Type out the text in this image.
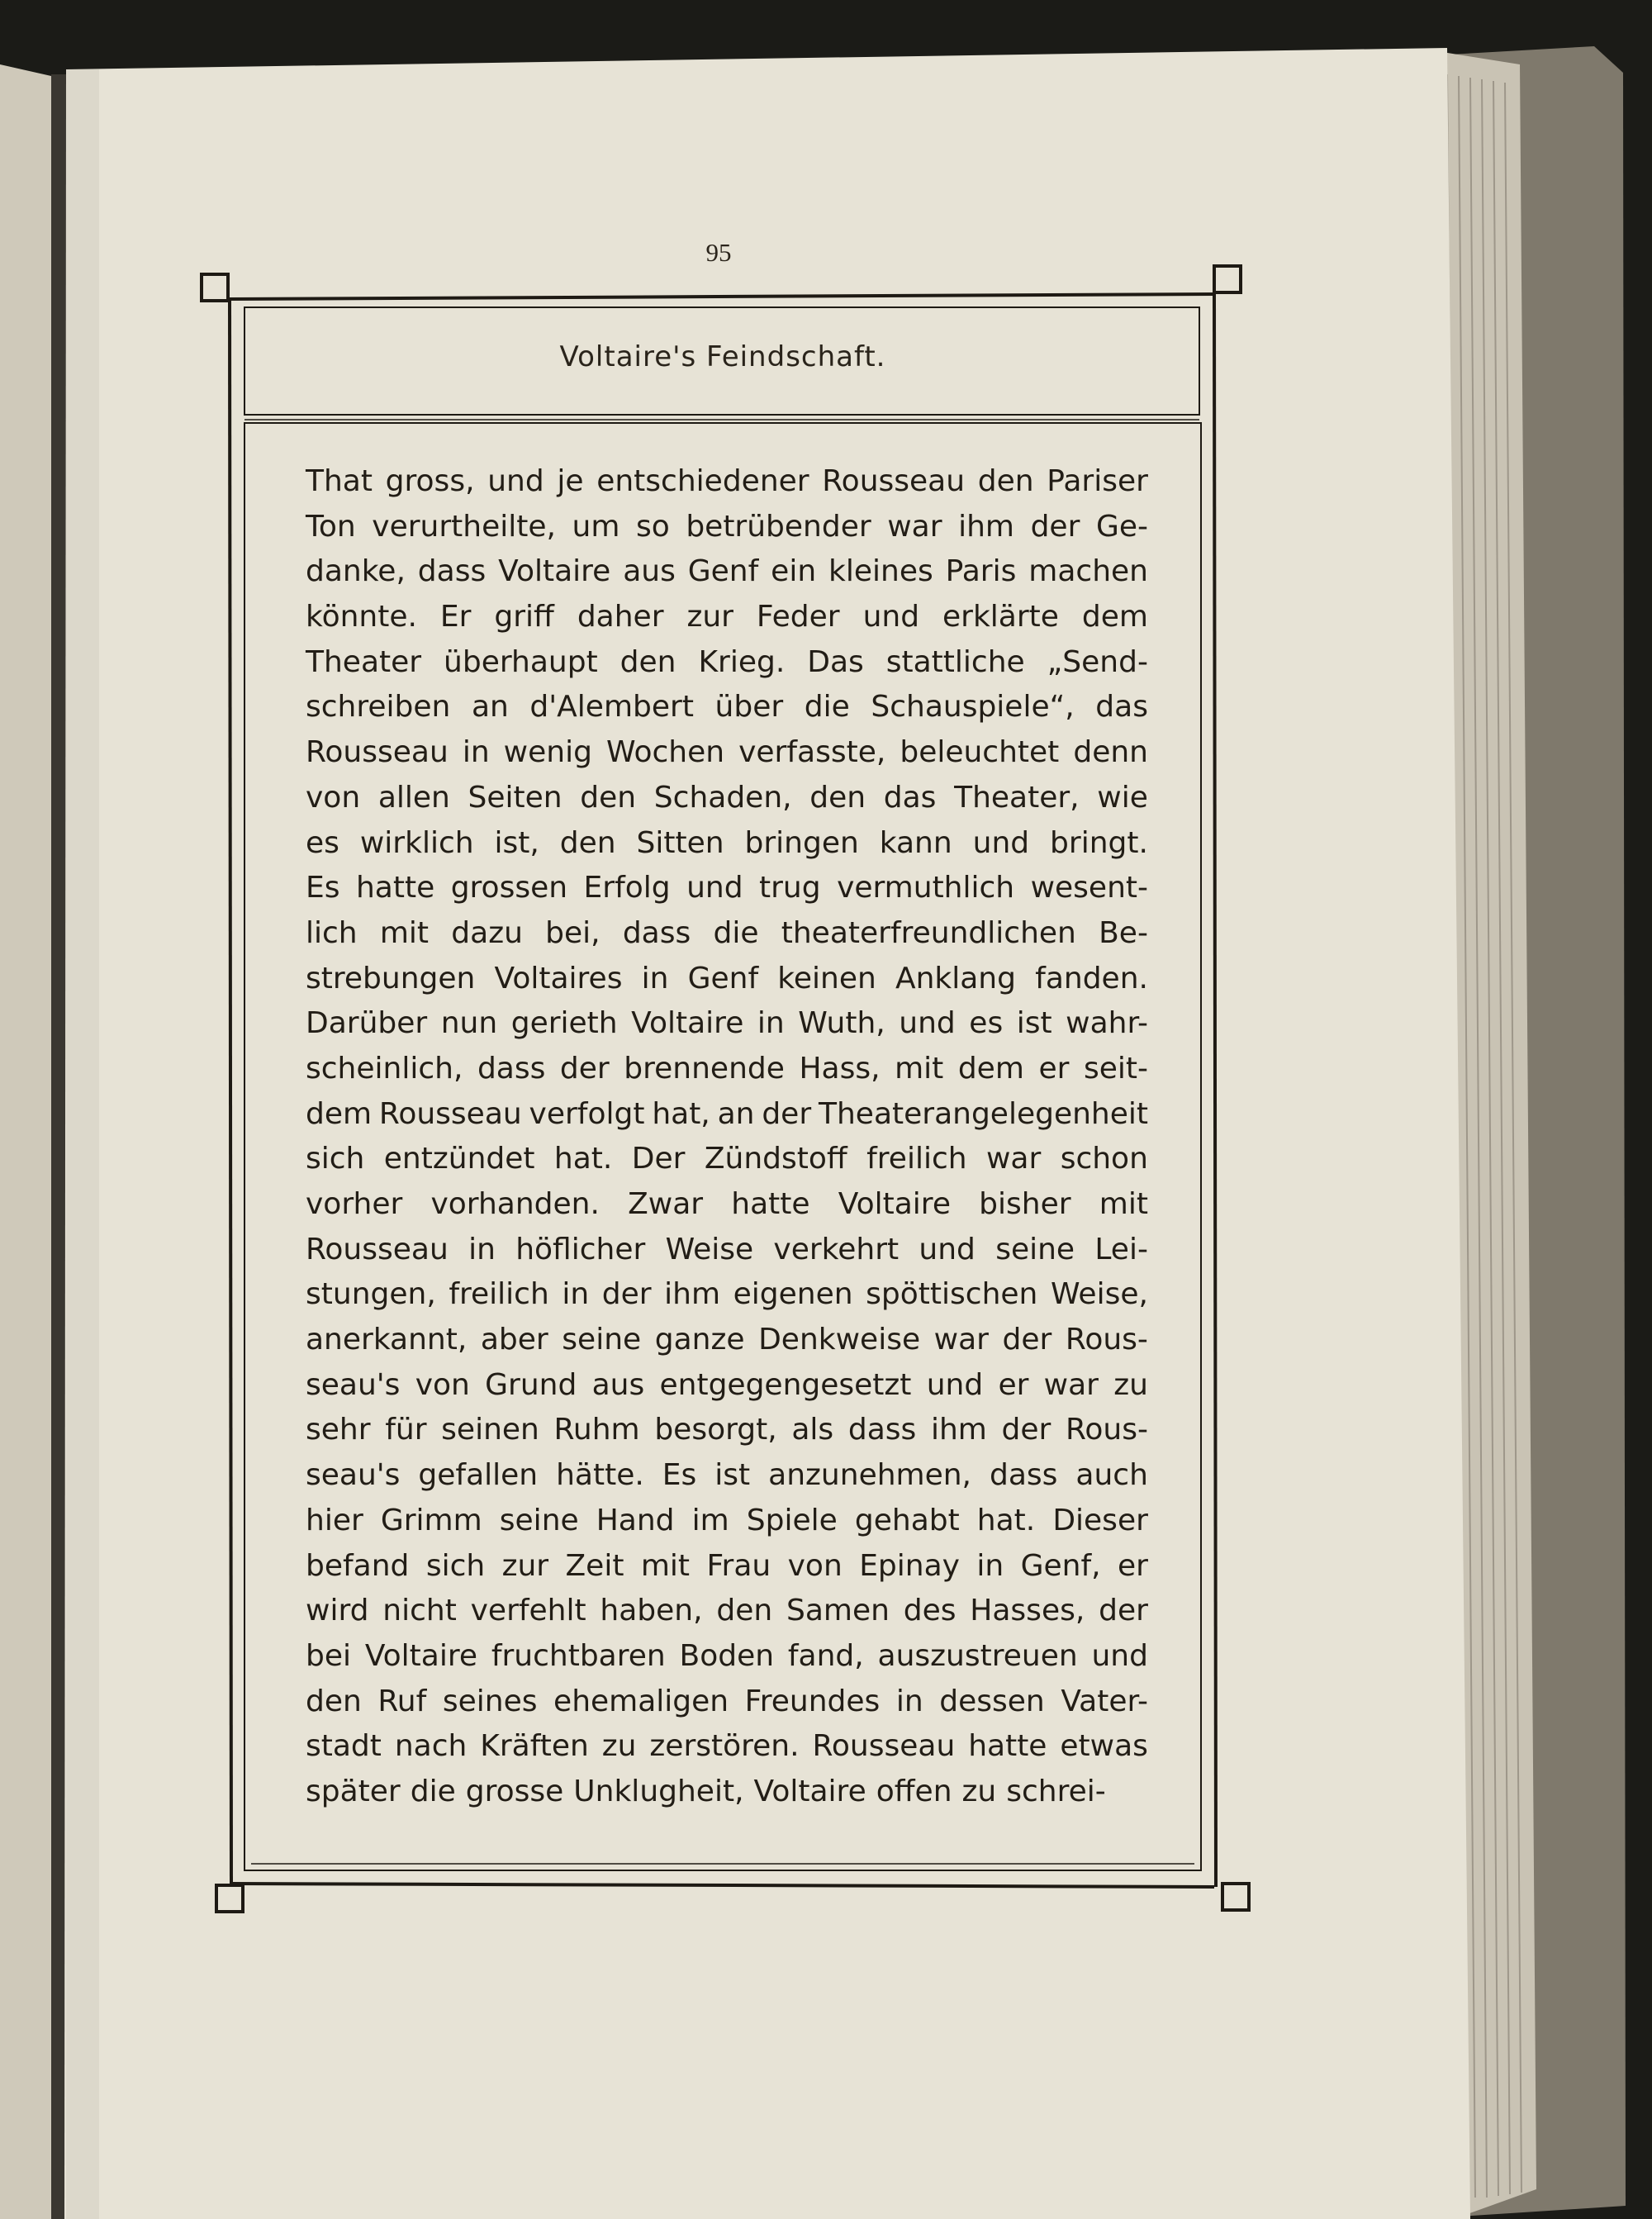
95
Voltaire's Feindschaft.
That gross, und je entschiedener Rousseau den Pariser
Ton verurtheilte, um so betrübender war ihm der Ge-
danke, dass Voltaire aus Genf ein kleines Paris machen
könnte. Er griff daher zur Feder und erklärte dem
Theater überhaupt den Krieg. Das stattliche „Send-
schreiben an d'Alembert über die Schauspiele“, das
Rousseau in wenig Wochen verfasste, beleuchtet denn
von allen Seiten den Schaden, den das Theater, wie
es wirklich ist, den Sitten bringen kann und bringt.
Es hatte grossen Erfolg und trug vermuthlich wesent-
lich mit dazu bei, dass die theaterfreundlichen Be-
strebungen Voltaires in Genf keinen Anklang fanden.
Darüber nun gerieth Voltaire in Wuth, und es ist wahr-
scheinlich, dass der brennende Hass, mit dem er seit-
dem Rousseau verfolgt hat, an der Theaterangelegenheit
sich entzündet hat. Der Zündstoff freilich war schon
vorher vorhanden. Zwar hatte Voltaire bisher mit
Rousseau in höflicher Weise verkehrt und seine Lei-
stungen, freilich in der ihm eigenen spöttischen Weise,
anerkannt, aber seine ganze Denkweise war der Rous-
seau's von Grund aus entgegengesetzt und er war zu
sehr für seinen Ruhm besorgt, als dass ihm der Rous-
seau's gefallen hätte. Es ist anzunehmen, dass auch
hier Grimm seine Hand im Spiele gehabt hat. Dieser
befand sich zur Zeit mit Frau von Epinay in Genf, er
wird nicht verfehlt haben, den Samen des Hasses, der
bei Voltaire fruchtbaren Boden fand, auszustreuen und
den Ruf seines ehemaligen Freundes in dessen Vater-
stadt nach Kräften zu zerstören. Rousseau hatte etwas
später die grosse Unklugheit, Voltaire offen zu schrei-
